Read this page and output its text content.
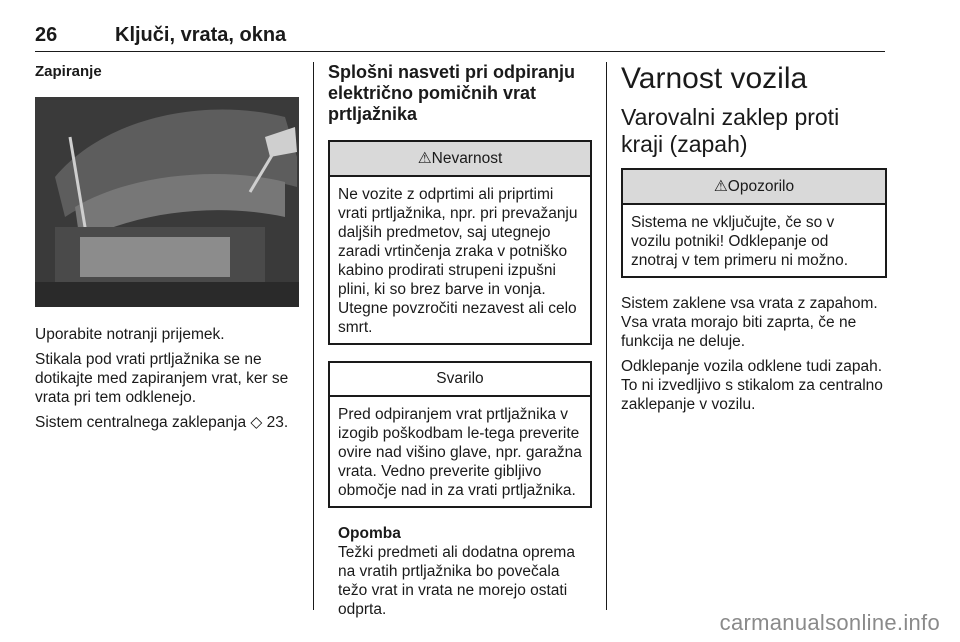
26	Ključi, vrata, okna

Zapiranje

Uporabite notranji prijemek.

Stikala pod vrati prtljažnika se ne dotikajte med zapiranjem vrat, ker se vrata pri tem odklenejo.

Sistem centralnega zaklepanja ◇ 23.

Splošni nasveti pri odpiranju električno pomičnih vrat prtljažnika

⚠Nevarnost
Ne vozite z odprtimi ali priprtimi vrati prtljažnika, npr. pri prevažanju daljših predmetov, saj utegnejo zaradi vrtinčenja zraka v potniško kabino prodirati strupeni izpušni plini, ki so brez barve in vonja. Utegne povzročiti nezavest ali celo smrt.
Svarilo
Pred odpiranjem vrat prtljažnika v izogib poškodbam le-tega preverite ovire nad višino glave, npr. garažna vrata. Vedno preverite gibljivo območje nad in za vrati prtljažnika.
Opomba
Težki predmeti ali dodatna oprema na vratih prtljažnika bo povečala težo vrat in vrata ne morejo ostati odprta.

Varnost vozila

Varovalni zaklep proti kraji (zapah)

⚠Opozorilo
Sistema ne vključujte, če so v vozilu potniki! Odklepanje od znotraj v tem primeru ni možno.

Sistem zaklene vsa vrata z zapahom. Vsa vrata morajo biti zaprta, če ne funkcija ne deluje.

Odklepanje vozila odklene tudi zapah. To ni izvedljivo s stikalom za centralno zaklepanje v vozilu.

carmanualsonline.info
